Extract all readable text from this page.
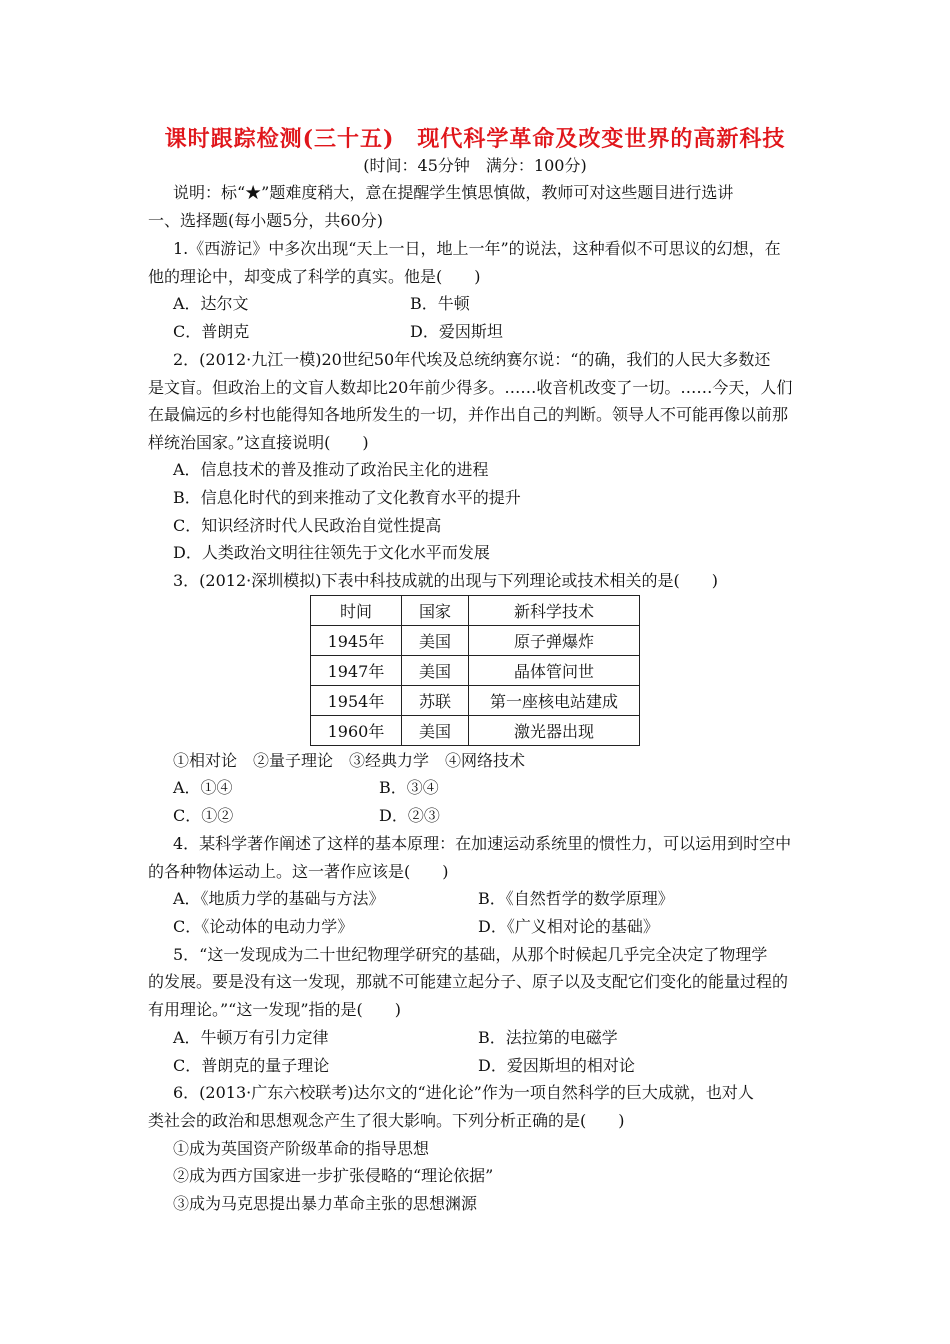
课时跟踪检测(三十五)　现代科学革命及改变世界的高新科技
(时间：45分钟　满分：100分)
说明：标“★”题难度稍大，意在提醒学生慎思慎做，教师可对这些题目进行选讲
一、选择题(每小题5分，共60分)
1.《西游记》中多次出现“天上一日，地上一年”的说法，这种看似不可思议的幻想，在
他的理论中，却变成了科学的真实。他是(　　)
A．达尔文	B．牛顿
C．普朗克	D．爱因斯坦
2．(2012·九江一模)20世纪50年代埃及总统纳赛尔说：“的确，我们的人民大多数还
是文盲。但政治上的文盲人数却比20年前少得多。……收音机改变了一切。……今天，人们
在最偏远的乡村也能得知各地所发生的一切，并作出自己的判断。领导人不可能再像以前那
样统治国家。”这直接说明(　　)
A．信息技术的普及推动了政治民主化的进程
B．信息化时代的到来推动了文化教育水平的提升
C．知识经济时代人民政治自觉性提高
D．人类政治文明往往领先于文化水平而发展
3．(2012·深圳模拟)下表中科技成就的出现与下列理论或技术相关的是(　　)
时间	国家	新科学技术
1945年	美国	原子弹爆炸
1947年	美国	晶体管问世
1954年	苏联	第一座核电站建成
1960年	美国	激光器出现
①相对论　②量子理论　③经典力学　④网络技术
A．①④	B．③④
C．①②	D．②③
4．某科学著作阐述了这样的基本原理：在加速运动系统里的惯性力，可以运用到时空中
的各种物体运动上。这一著作应该是(　　)
A．《地质力学的基础与方法》	B．《自然哲学的数学原理》
C．《论动体的电动力学》	D．《广义相对论的基础》
5．“这一发现成为二十世纪物理学研究的基础，从那个时候起几乎完全决定了物理学
的发展。要是没有这一发现，那就不可能建立起分子、原子以及支配它们变化的能量过程的
有用理论。”“这一发现”指的是(　　)
A．牛顿万有引力定律	B．法拉第的电磁学
C．普朗克的量子理论	D．爱因斯坦的相对论
6．(2013·广东六校联考)达尔文的“进化论”作为一项自然科学的巨大成就，也对人
类社会的政治和思想观念产生了很大影响。下列分析正确的是(　　)
①成为英国资产阶级革命的指导思想
②成为西方国家进一步扩张侵略的“理论依据”
③成为马克思提出暴力革命主张的思想渊源
